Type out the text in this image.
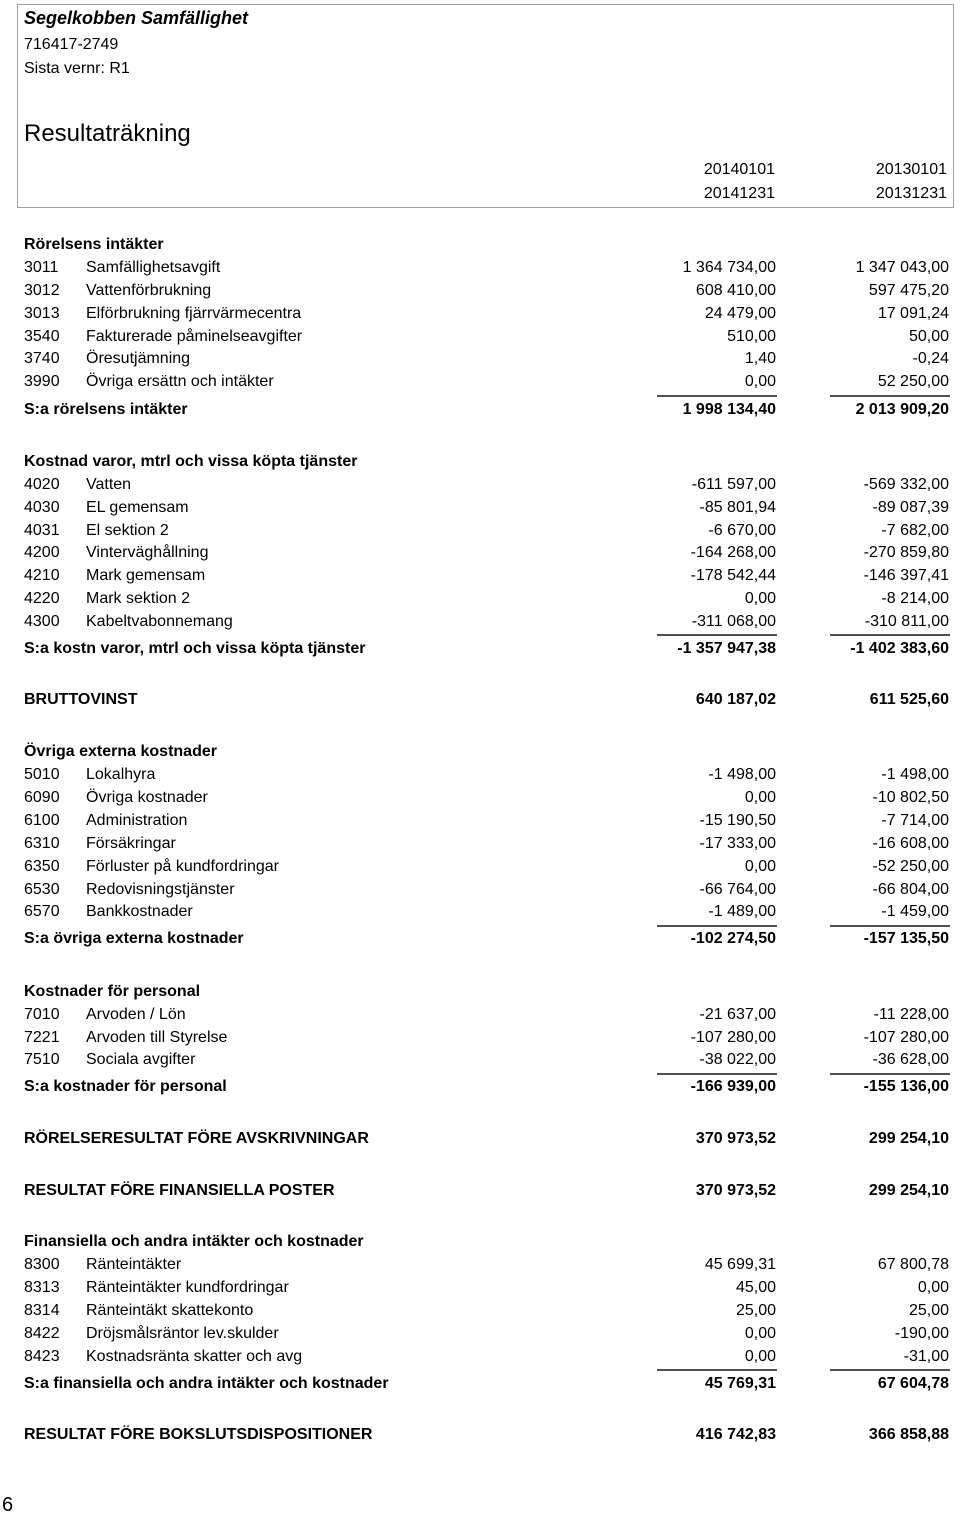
Segelkobben Samfällighet
716417-2749
Sista vernr: R1
Resultaträkning
20140101
20141231
20130101
20131231
Rörelsens intäkter
3011 Samfällighetsavgift	1 364 734,00	1 347 043,00
3012 Vattenförbrukning	608 410,00	597 475,20
3013 Elförbrukning fjärrvärmecentra	24 479,00	17 091,24
3540 Fakturerade påminelseavgifter	510,00	50,00
3740 Öresutjämning	1,40	-0,24
3990 Övriga ersättn och intäkter	0,00	52 250,00
S:a rörelsens intäkter	1 998 134,40	2 013 909,20
Kostnad varor, mtrl och vissa köpta tjänster
4020 Vatten	-611 597,00	-569 332,00
4030 EL gemensam	-85 801,94	-89 087,39
4031 El sektion 2	-6 670,00	-7 682,00
4200 Vinterväghållning	-164 268,00	-270 859,80
4210 Mark gemensam	-178 542,44	-146 397,41
4220 Mark sektion 2	0,00	-8 214,00
4300 Kabeltvabonnemang	-311 068,00	-310 811,00
S:a kostn varor, mtrl och vissa köpta tjänster	-1 357 947,38	-1 402 383,60
BRUTTOVINST	640 187,02	611 525,60
Övriga externa kostnader
5010 Lokalhyra	-1 498,00	-1 498,00
6090 Övriga kostnader	0,00	-10 802,50
6100 Administration	-15 190,50	-7 714,00
6310 Försäkringar	-17 333,00	-16 608,00
6350 Förluster på kundfordringar	0,00	-52 250,00
6530 Redovisningstjänster	-66 764,00	-66 804,00
6570 Bankkostnader	-1 489,00	-1 459,00
S:a övriga externa kostnader	-102 274,50	-157 135,50
Kostnader för personal
7010 Arvoden / Lön	-21 637,00	-11 228,00
7221 Arvoden till Styrelse	-107 280,00	-107 280,00
7510 Sociala avgifter	-38 022,00	-36 628,00
S:a kostnader för personal	-166 939,00	-155 136,00
RÖRELSERESULTAT FÖRE AVSKRIVNINGAR	370 973,52	299 254,10
RESULTAT FÖRE FINANSIELLA POSTER	370 973,52	299 254,10
Finansiella och andra intäkter och kostnader
8300 Ränteintäkter	45 699,31	67 800,78
8313 Ränteintäkter kundfordringar	45,00	0,00
8314 Ränteintäkt skattekonto	25,00	25,00
8422 Dröjsmålsräntor lev.skulder	0,00	-190,00
8423 Kostnadsränta skatter och avg	0,00	-31,00
S:a finansiella och andra intäkter och kostnader	45 769,31	67 604,78
RESULTAT FÖRE BOKSLUTSDISPOSITIONER	416 742,83	366 858,88
6
